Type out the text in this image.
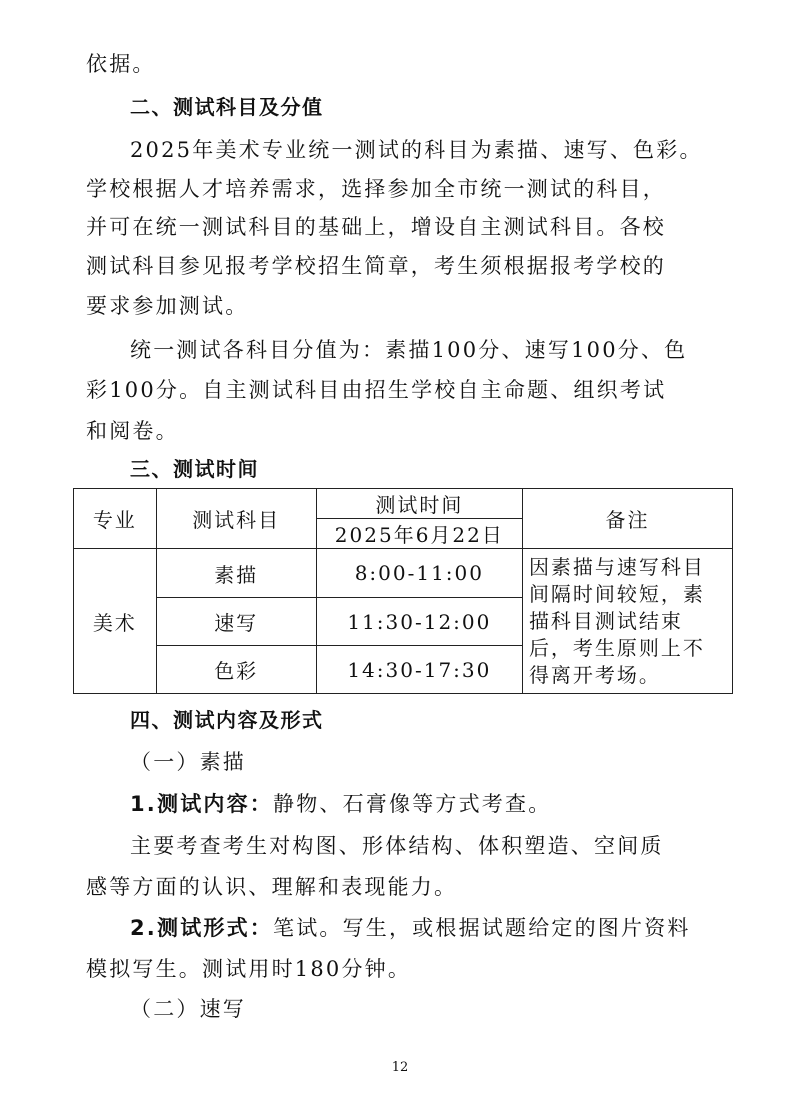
依据。
二、测试科目及分值
2025年美术专业统一测试的科目为素描、速写、色彩。
学校根据人才培养需求，选择参加全市统一测试的科目，
并可在统一测试科目的基础上，增设自主测试科目。各校
测试科目参见报考学校招生简章，考生须根据报考学校的
要求参加测试。
统一测试各科目分值为：素描100分、速写100分、色
彩100分。自主测试科目由招生学校自主命题、组织考试
和阅卷。
三、测试时间
专业	测试科目	测试时间	备注
		2025年6月22日	
美术	素描	8:00-11:00	因素描与速写科目
间隔时间较短，素
描科目测试结束
后，考生原则上不
得离开考场。

	速写	11:30-12:00	
	色彩	14:30-17:30	
四、测试内容及形式
（一）素描
1.测试内容：静物、石膏像等方式考查。
主要考查考生对构图、形体结构、体积塑造、空间质
感等方面的认识、理解和表现能力。
2.测试形式：笔试。写生，或根据试题给定的图片资料
模拟写生。测试用时180分钟。
（二）速写
12
